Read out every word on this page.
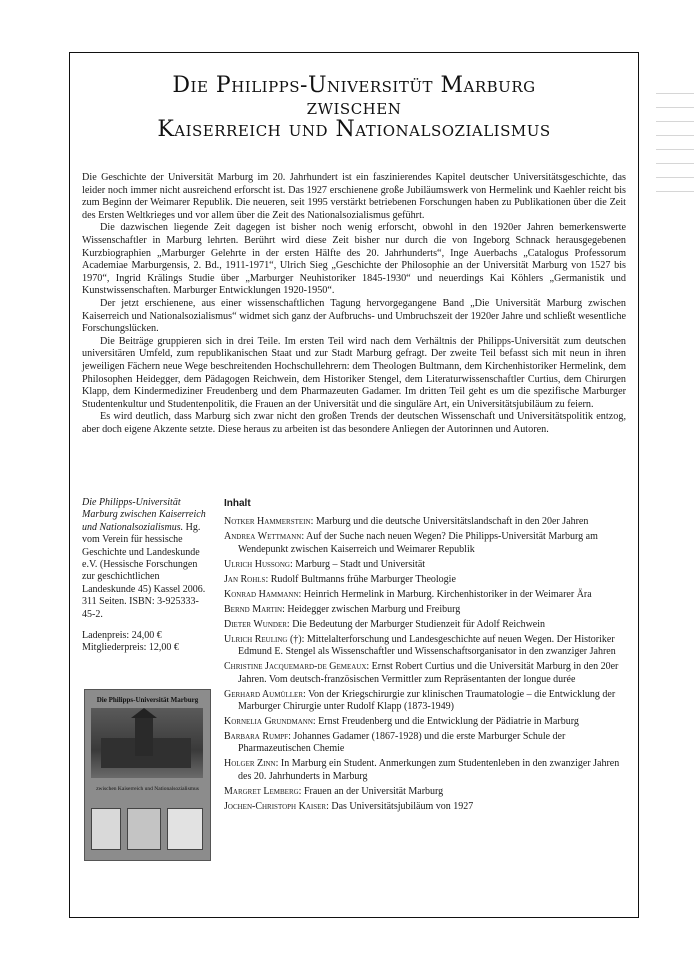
Die Philipps-Universitüt Marburg
zwischen
Kaiserreich und Nationalsozialismus

Die Geschichte der Universität Marburg im 20. Jahrhundert ist ein faszinierendes Kapitel deutscher Universitätsgeschichte, das leider noch immer nicht ausreichend erforscht ist. Das 1927 erschienene große Jubiläumswerk von Hermelink und Kaehler reicht bis zum Beginn der Weimarer Republik. Die neueren, seit 1995 verstärkt betriebenen Forschungen haben zu Publikationen über die Zeit des Ersten Weltkrieges und vor allem über die Zeit des Nationalsozialismus geführt.

Die dazwischen liegende Zeit dagegen ist bisher noch wenig erforscht, obwohl in den 1920er Jahren bemerkenswerte Wissenschaftler in Marburg lehrten. Berührt wird diese Zeit bisher nur durch die von Ingeborg Schnack herausgegebenen Kurzbiographien „Marburger Gelehrte in der ersten Hälfte des 20. Jahrhunderts“, Inge Auerbachs „Catalogus Professorum Academiae Marburgensis, 2. Bd., 1911-1971“, Ulrich Sieg „Geschichte der Philosophie an der Universität Marburg von 1527 bis 1970“, Ingrid Krälings Studie über „Marburger Neuhistoriker 1845-1930“ und neuerdings Kai Köhlers „Germanistik und Kunstwissenschaften. Marburger Entwicklungen 1920-1950“.

Der jetzt erschienene, aus einer wissenschaftlichen Tagung hervorgegangene Band „Die Universität Marburg zwischen Kaiserreich und Nationalsozialismus“ widmet sich ganz der Aufbruchs- und Umbruchszeit der 1920er Jahre und schließt wesentliche Forschungslücken.

Die Beiträge gruppieren sich in drei Teile. Im ersten Teil wird nach dem Verhältnis der Philipps-Universität zum deutschen universitären Umfeld, zum republikanischen Staat und zur Stadt Marburg gefragt. Der zweite Teil befasst sich mit neun in ihren jeweiligen Fächern neue Wege beschreitenden Hochschullehrern: dem Theologen Bultmann, dem Kirchenhistoriker Hermelink, dem Philosophen Heidegger, dem Pädagogen Reichwein, dem Historiker Stengel, dem Literaturwissenschaftler Curtius, dem Chirurgen Klapp, dem Kindermediziner Freudenberg und dem Pharmazeuten Gadamer. Im dritten Teil geht es um die spezifische Marburger Studentenkultur und Studentenpolitik, die Frauen an der Universität und die singuläre Art, ein Universitätsjubiläum zu feiern.

Es wird deutlich, dass Marburg sich zwar nicht den großen Trends der deutschen Wissenschaft und Universitätspolitik entzog, aber doch eigene Akzente setzte. Diese heraus zu arbeiten ist das besondere Anliegen der Autorinnen und Autoren.

Die Philipps-Universität Marburg zwischen Kaiserreich und Nationalsozialismus. Hg. vom Verein für hessische Geschichte und Landeskunde e.V. (Hessische Forschungen zur geschichtlichen Landeskunde 45) Kassel 2006. 311 Seiten. ISBN: 3-925333-45-2.
Ladenpreis: 24,00 €
Mitgliederpreis: 12,00 €
Die Philipps-Universität Marburg
zwischen Kaiserreich und Nationalsozialismus
Inhalt
Notker Hammerstein: Marburg und die deutsche Universitätslandschaft in den 20er Jahren
Andrea Wettmann: Auf der Suche nach neuen Wegen? Die Philipps-Universität Marburg am Wendepunkt zwischen Kaiserreich und Weimarer Republik
Ulrich Hussong: Marburg – Stadt und Universität
Jan Rohls: Rudolf Bultmanns frühe Marburger Theologie
Konrad Hammann: Heinrich Hermelink in Marburg. Kirchenhistoriker in der Weimarer Ära
Bernd Martin: Heidegger zwischen Marburg und Freiburg
Dieter Wunder: Die Bedeutung der Marburger Studienzeit für Adolf Reichwein
Ulrich Reuling (†): Mittelalterforschung und Landesgeschichte auf neuen Wegen. Der Historiker Edmund E. Stengel als Wissenschaftler und Wissenschaftsorganisator in den zwanziger Jahren
Christine Jacquemard-de Gemeaux: Ernst Robert Curtius und die Universität Marburg in den 20er Jahren. Vom deutsch-französischen Vermittler zum Repräsentanten der longue durée
Gerhard Aumüller: Von der Kriegschirurgie zur klinischen Traumatologie – die Entwicklung der Marburger Chirurgie unter Rudolf Klapp (1873-1949)
Kornelia Grundmann: Ernst Freudenberg und die Entwicklung der Pädiatrie in Marburg
Barbara Rumpf: Johannes Gadamer (1867-1928) und die erste Marburger Schule der Pharmazeutischen Chemie
Holger Zinn: In Marburg ein Student. Anmerkungen zum Studentenleben in den zwanziger Jahren des 20. Jahrhunderts in Marburg
Margret Lemberg: Frauen an der Universität Marburg
Jochen-Christoph Kaiser: Das Universitätsjubiläum von 1927
